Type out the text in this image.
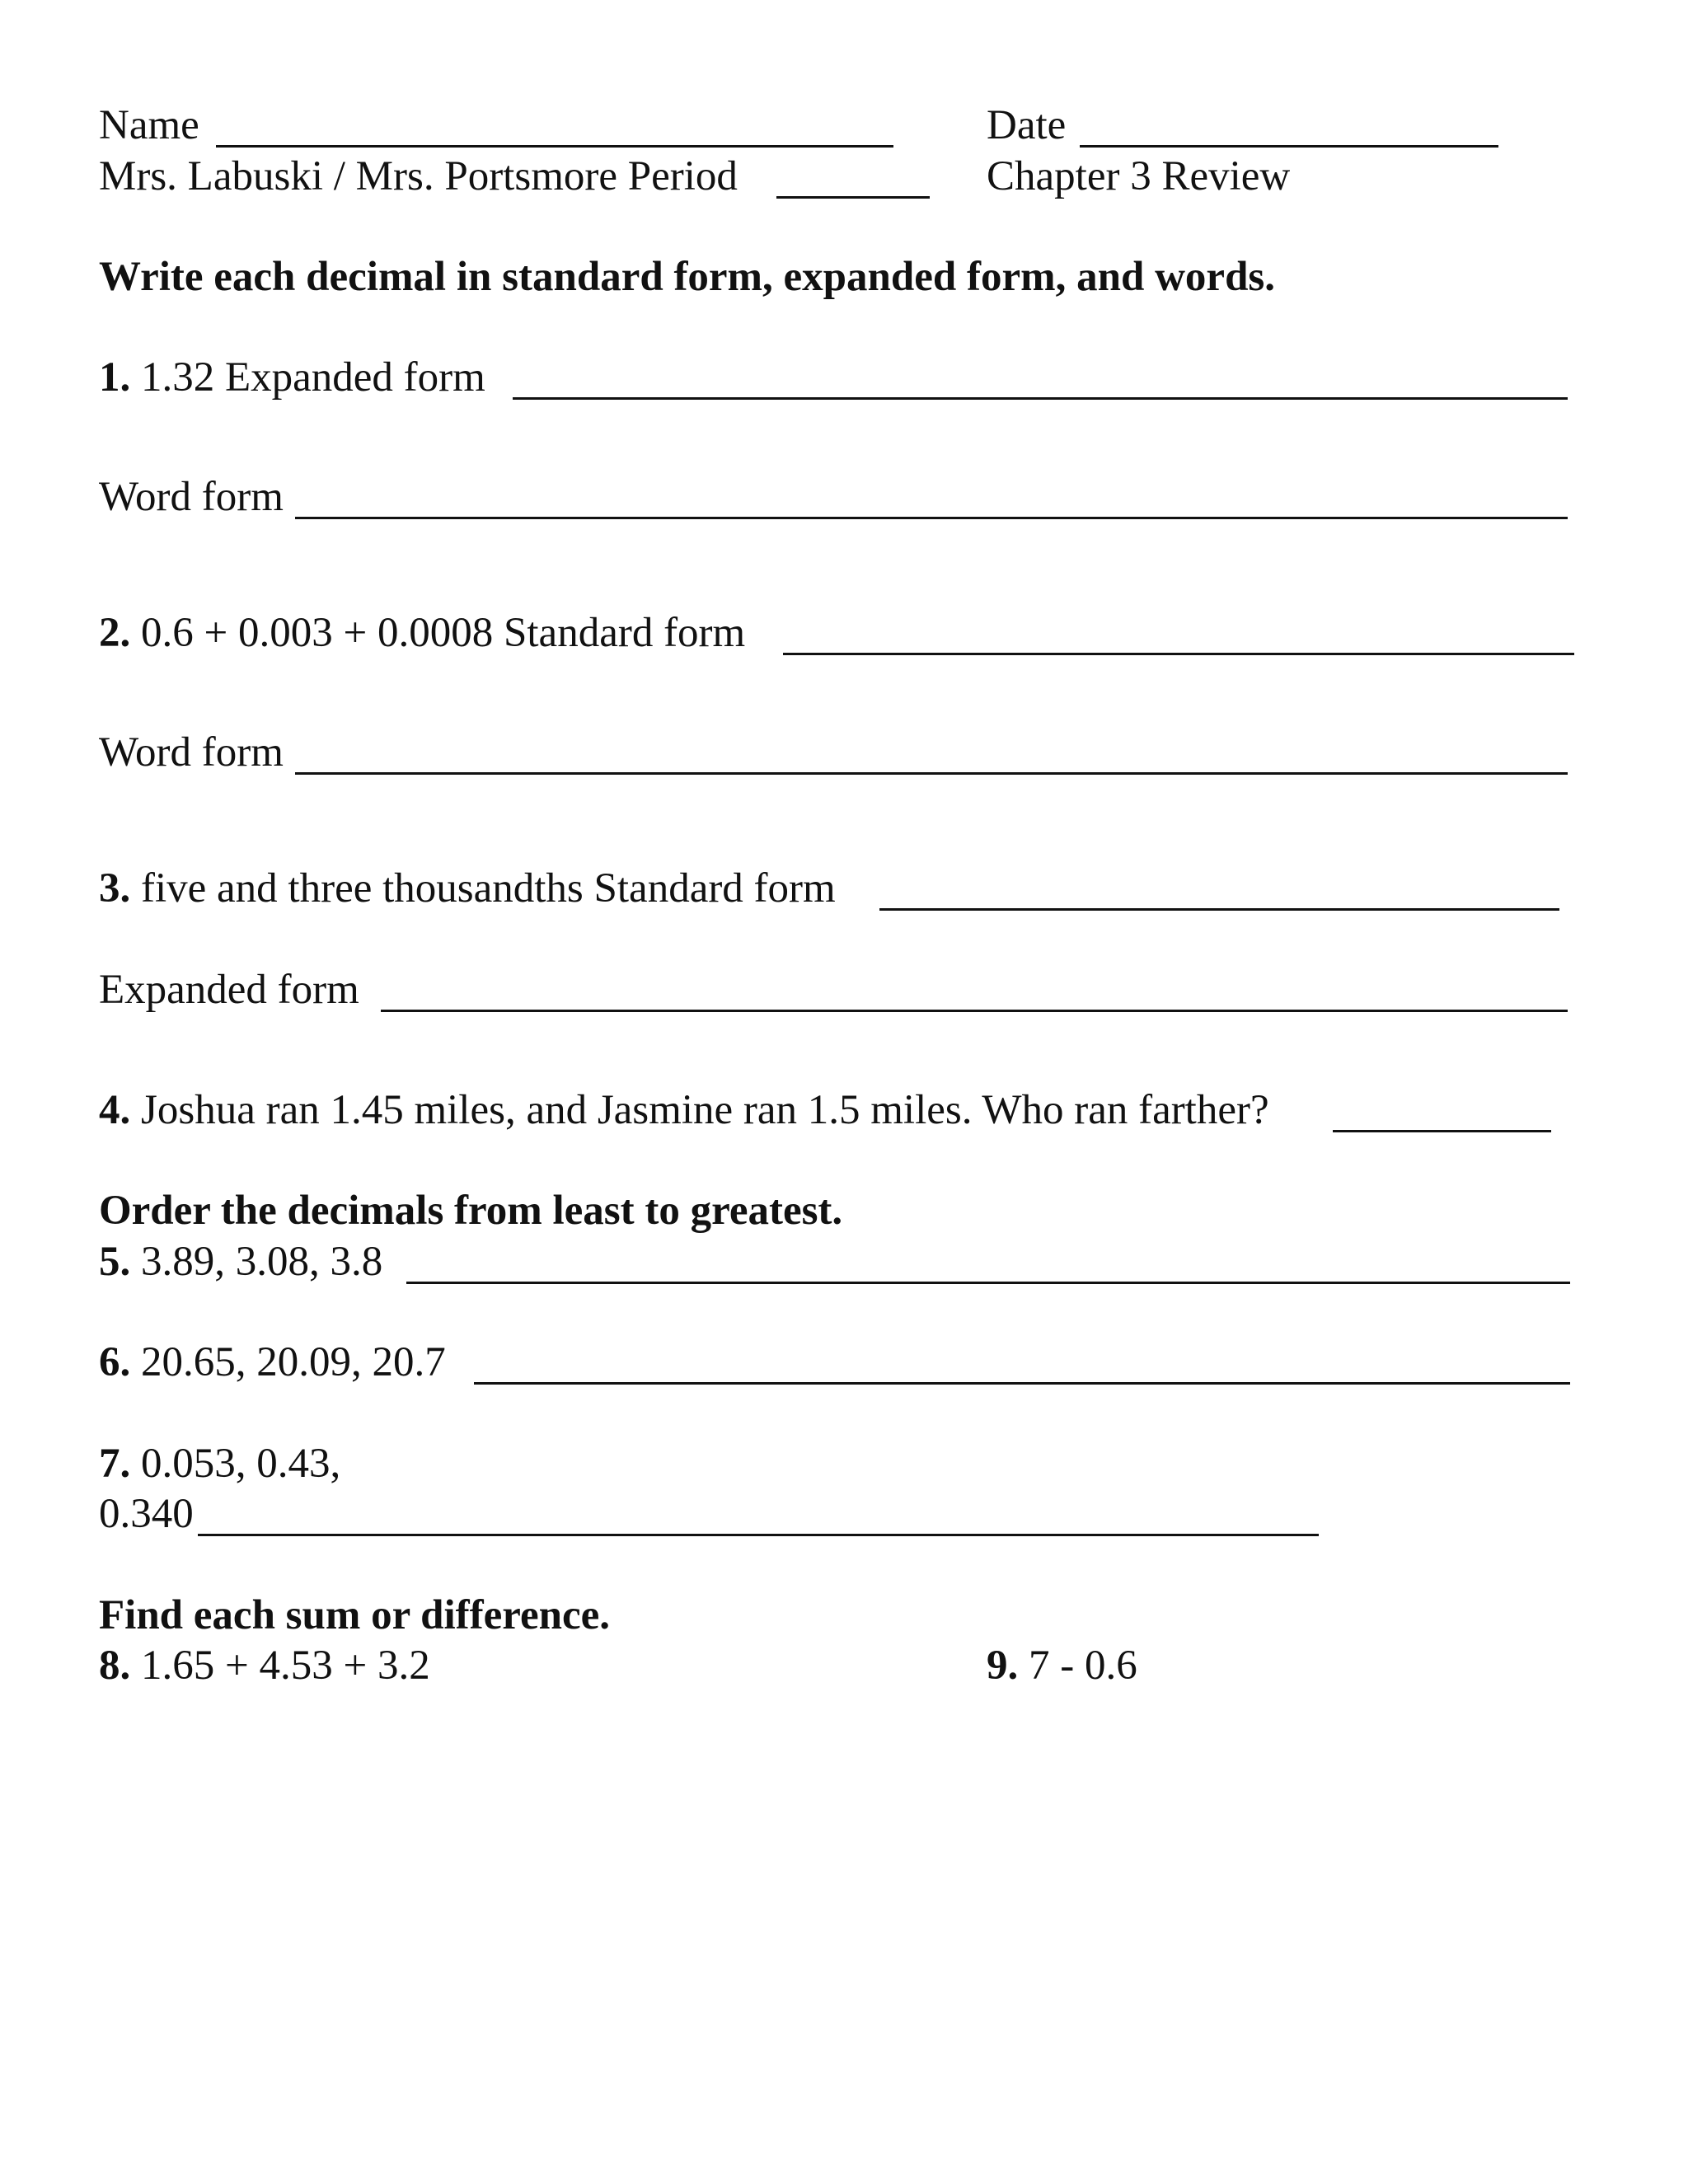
Name	Date
Mrs. Labuski / Mrs. Portsmore Period	Chapter 3 Review
Write each decimal in standard form, expanded form, and words.
1. 1.32 Expanded form
Word form
2. 0.6 + 0.003 + 0.0008 Standard form
Word form
3. five and three thousandths Standard form
Expanded form
4. Joshua ran 1.45 miles, and Jasmine ran 1.5 miles. Who ran farther?
Order the decimals from least to greatest.
5. 3.89, 3.08, 3.8
6. 20.65, 20.09, 20.7
7. 0.053, 0.43,
0.340
Find each sum or difference.
8. 1.65 + 4.53 + 3.2	9. 7 - 0.6
